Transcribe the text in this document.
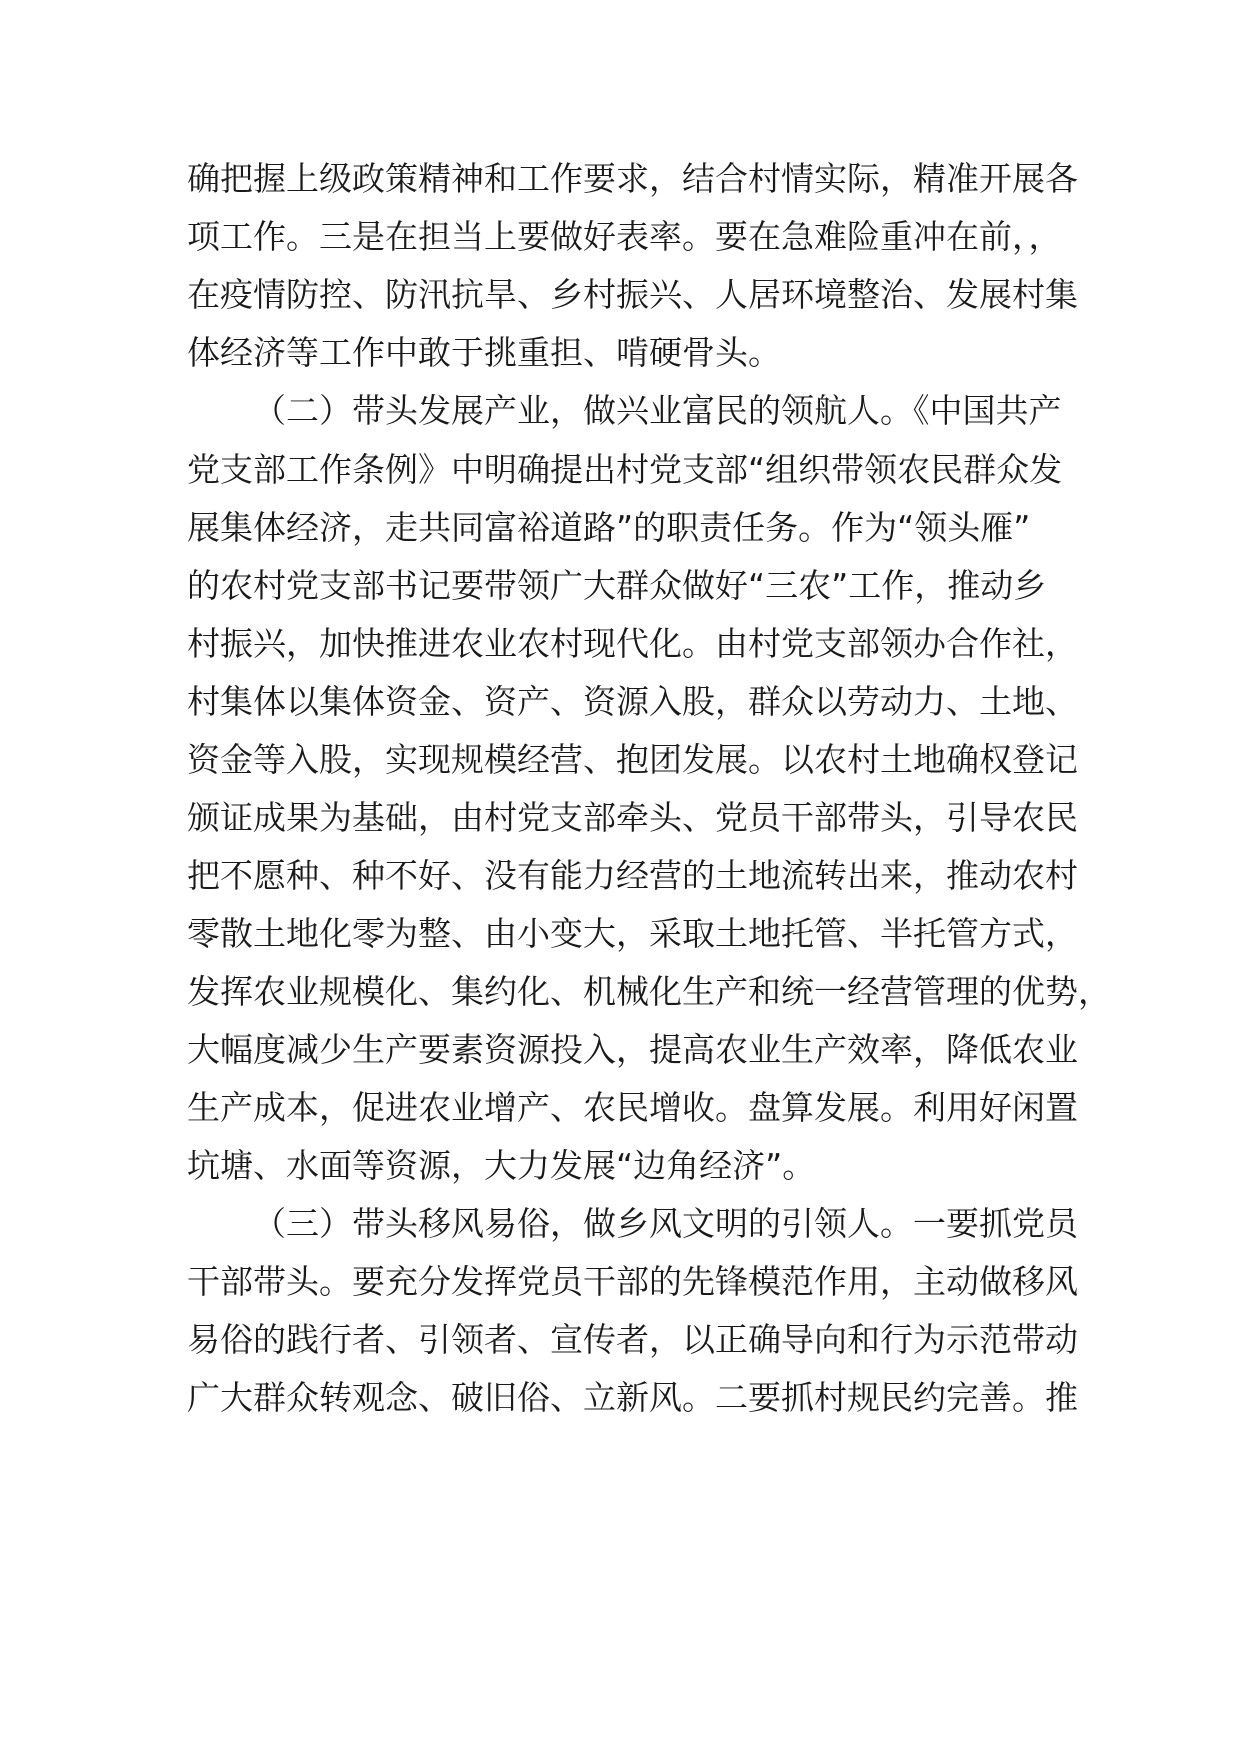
确把握上级政策精神和工作要求，结合村情实际，精准开展各
项工作。三是在担当上要做好表率。要在急难险重冲在前，，
在疫情防控、防汛抗旱、乡村振兴、人居环境整治、发展村集
体经济等工作中敢于挑重担、啃硬骨头。
（二）带头发展产业，做兴业富民的领航人。《中国共产
党支部工作条例》中明确提出村党支部“组织带领农民群众发
展集体经济，走共同富裕道路”的职责任务。作为“领头雁”
的农村党支部书记要带领广大群众做好“三农”工作，推动乡
村振兴，加快推进农业农村现代化。由村党支部领办合作社，
村集体以集体资金、资产、资源入股，群众以劳动力、土地、
资金等入股，实现规模经营、抱团发展。以农村土地确权登记
颁证成果为基础，由村党支部牵头、党员干部带头，引导农民
把不愿种、种不好、没有能力经营的土地流转出来，推动农村
零散土地化零为整、由小变大，采取土地托管、半托管方式，
发挥农业规模化、集约化、机械化生产和统一经营管理的优势，
大幅度减少生产要素资源投入，提高农业生产效率，降低农业
生产成本，促进农业增产、农民增收。盘算发展。利用好闲置
坑塘、水面等资源，大力发展“边角经济”。
（三）带头移风易俗，做乡风文明的引领人。一要抓党员
干部带头。要充分发挥党员干部的先锋模范作用，主动做移风
易俗的践行者、引领者、宣传者，以正确导向和行为示范带动
广大群众转观念、破旧俗、立新风。二要抓村规民约完善。推
